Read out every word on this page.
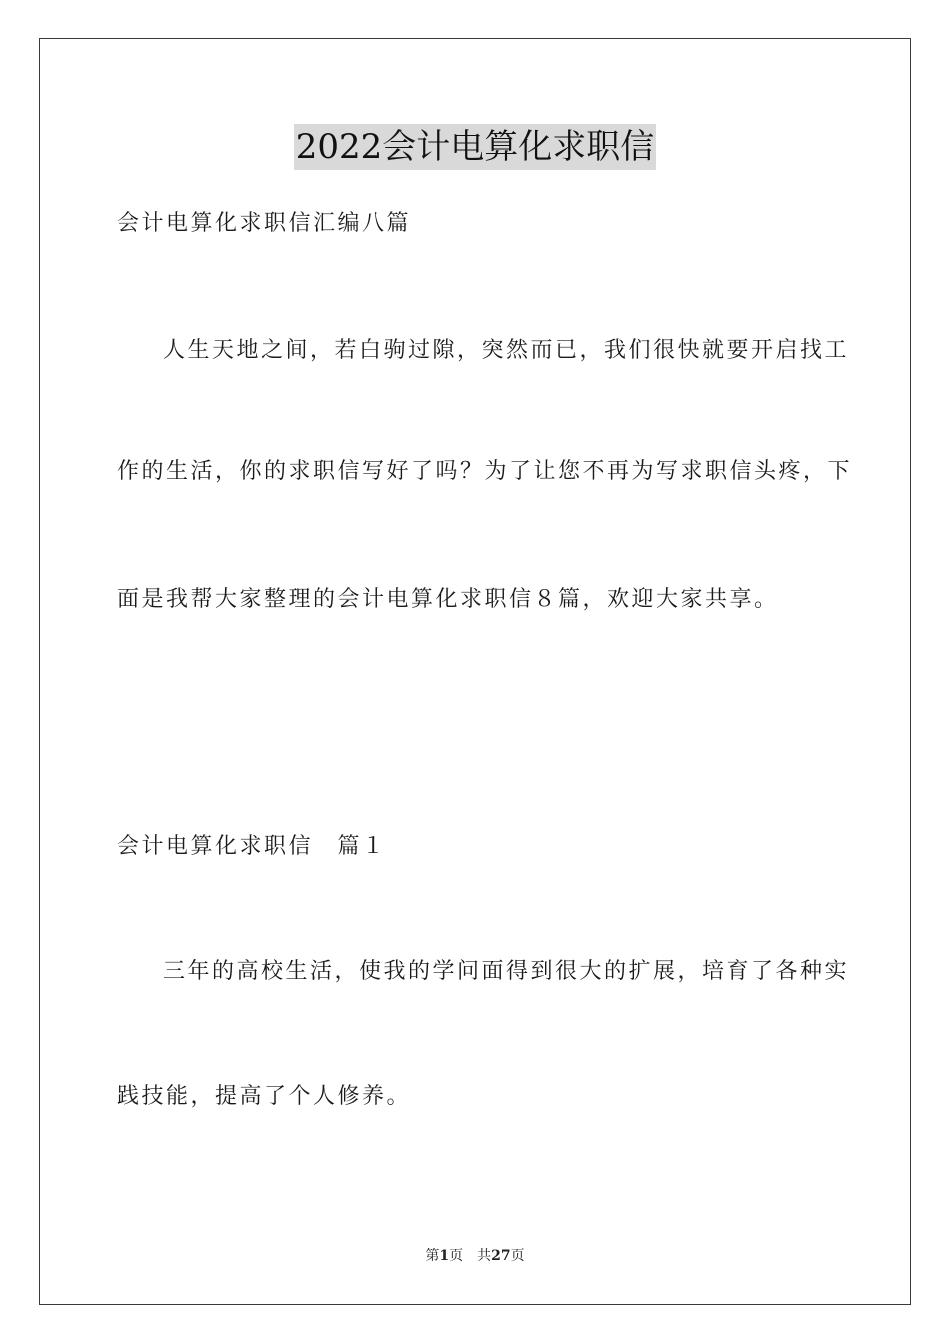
2022会计电算化求职信
会计电算化求职信汇编八篇
人生天地之间，若白驹过隙，突然而已，我们很快就要开启找工
作的生活，你的求职信写好了吗？为了让您不再为写求职信头疼，下
面是我帮大家整理的会计电算化求职信８篇，欢迎大家共享。
会计电算化求职信　篇１
三年的高校生活，使我的学问面得到很大的扩展，培育了各种实
践技能，提高了个人修养。
第1页　共27页
